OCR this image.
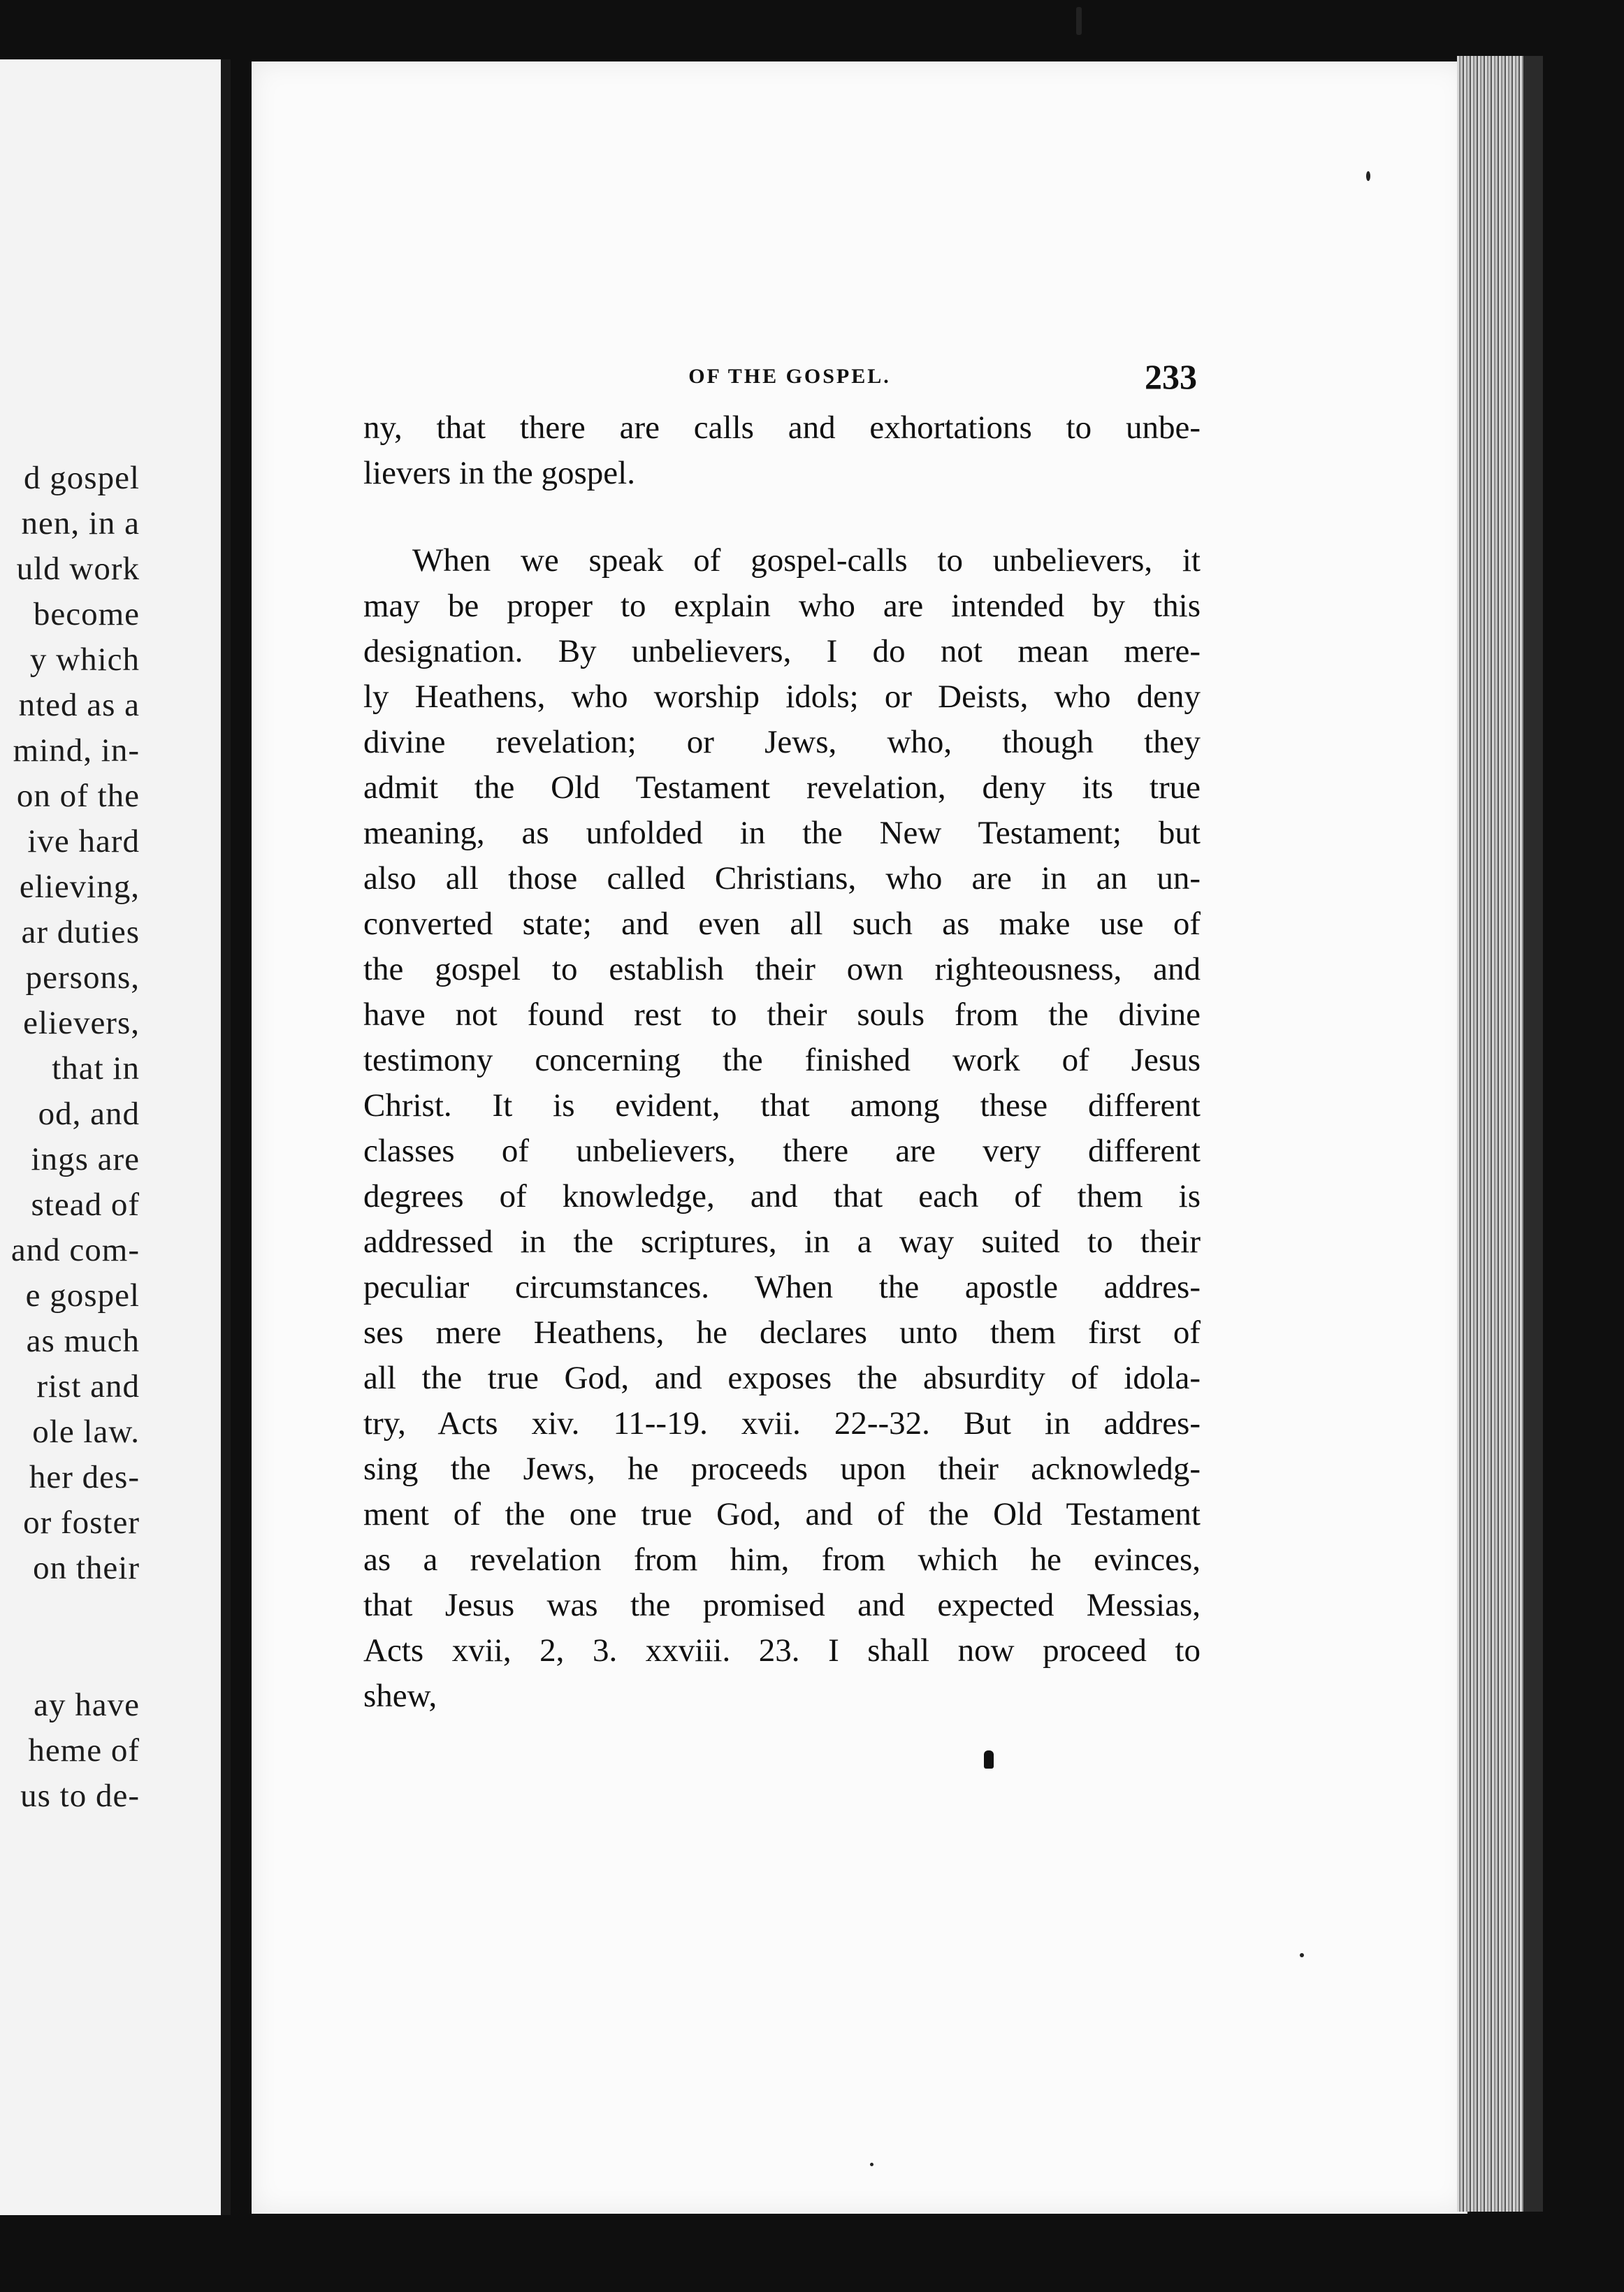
d gospel
nen, in a
uld work
become
y which
nted as a
mind, in-
on of the
ive hard
elieving,
ar duties
persons,
elievers,
that in
od, and
ings are
stead of
and com-
e gospel
as much
rist and
ole law.
her des-
or foster
on their
ay have
heme of
us to de-
OF THE GOSPEL.	233
ny, that there are calls and exhortations to unbe-
lievers in the gospel.
When we speak of gospel-calls to unbelievers, it
may be proper to explain who are intended by this
designation. By unbelievers, I do not mean mere-
ly Heathens, who worship idols; or Deists, who deny
divine revelation; or Jews, who, though they
admit the Old Testament revelation, deny its true
meaning, as unfolded in the New Testament; but
also all those called Christians, who are in an un-
converted state; and even all such as make use of
the gospel to establish their own righteousness, and
have not found rest to their souls from the divine
testimony concerning the finished work of Jesus
Christ. It is evident, that among these different
classes of unbelievers, there are very different
degrees of knowledge, and that each of them is
addressed in the scriptures, in a way suited to their
peculiar circumstances. When the apostle addres-
ses mere Heathens, he declares unto them first of
all the true God, and exposes the absurdity of idola-
try, Acts xiv. 11--19. xvii. 22--32. But in addres-
sing the Jews, he proceeds upon their acknowledg-
ment of the one true God, and of the Old Testament
as a revelation from him, from which he evinces,
that Jesus was the promised and expected Messias,
Acts xvii, 2, 3. xxviii. 23. I shall now proceed to
shew,
